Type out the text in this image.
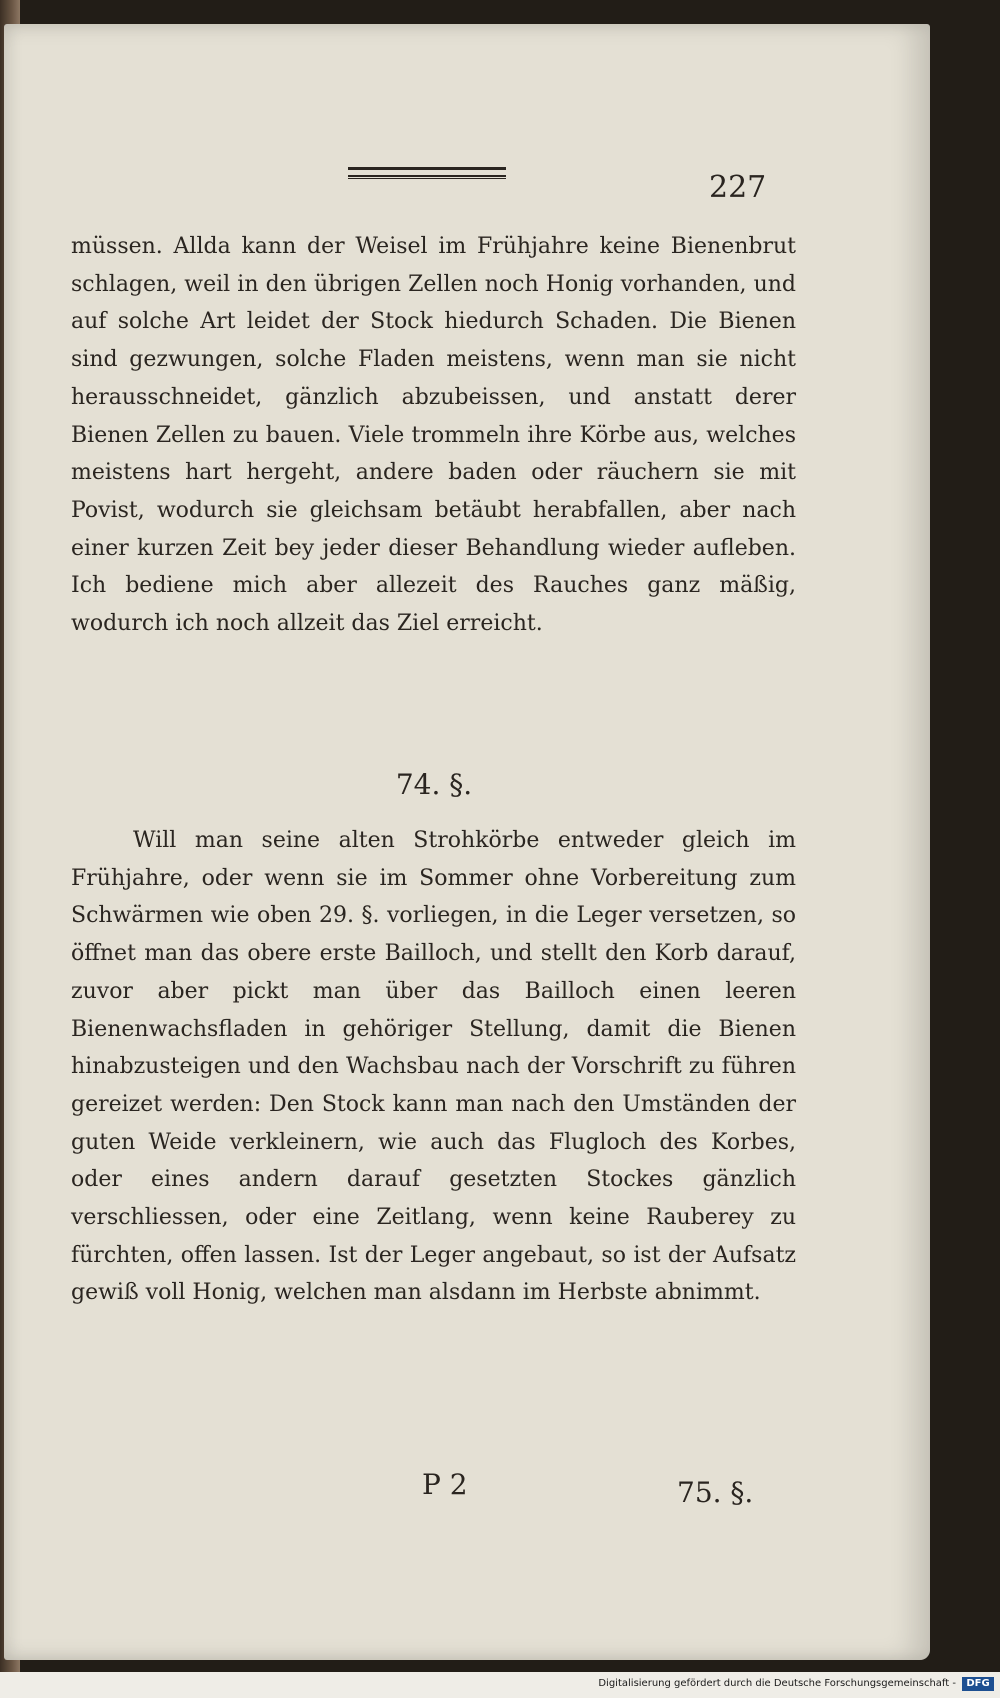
227

müssen. Allda kann der Weisel im Frühjahre keine Bienenbrut schlagen, weil in den übrigen Zellen noch Honig vorhanden, und auf solche Art leidet der Stock hiedurch Schaden. Die Bienen sind gezwungen, solche Fladen meistens, wenn man sie nicht herausschneidet, gänzlich abzubeissen, und anstatt derer Bienen Zellen zu bauen. Viele trommeln ihre Körbe aus, welches meistens hart hergeht, andere baden oder räuchern sie mit Povist, wodurch sie gleichsam betäubt herabfallen, aber nach einer kurzen Zeit bey jeder dieser Behandlung wieder aufleben. Ich bediene mich aber allezeit des Rauches ganz mäßig, wodurch ich noch allzeit das Ziel erreicht.

74. §.

Will man seine alten Strohkörbe entweder gleich im Frühjahre, oder wenn sie im Sommer ohne Vorbereitung zum Schwärmen wie oben 29. §. vorliegen, in die Leger versetzen, so öffnet man das obere erste Bailloch, und stellt den Korb darauf, zuvor aber pickt man über das Bailloch einen leeren Bienenwachsfladen in gehöriger Stellung, damit die Bienen hinabzusteigen und den Wachsbau nach der Vorschrift zu führen gereizet werden: Den Stock kann man nach den Umständen der guten Weide verkleinern, wie auch das Flugloch des Korbes, oder eines andern darauf gesetzten Stockes gänzlich verschliessen, oder eine Zeitlang, wenn keine Rauberey zu fürchten, offen lassen. Ist der Leger angebaut, so ist der Aufsatz gewiß voll Honig, welchen man alsdann im Herbste abnimmt.

P 2	75. §.
Digitalisierung gefördert durch die Deutsche Forschungsgemeinschaft -	DFG
